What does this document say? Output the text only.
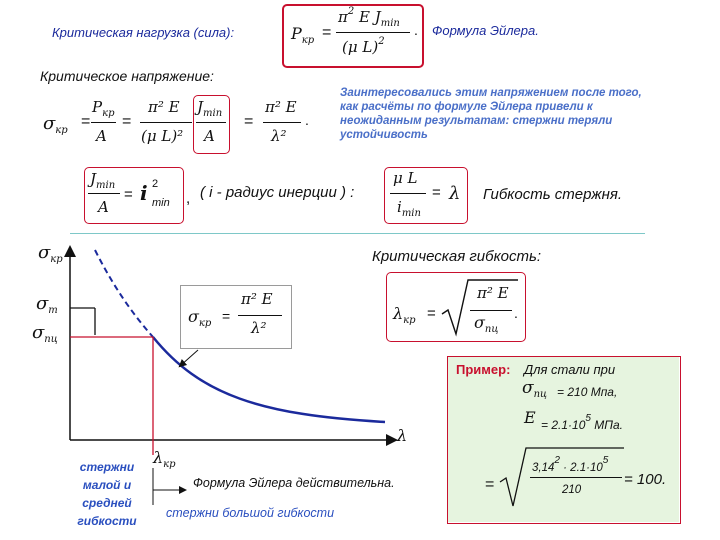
Критическая нагрузка (сила):	$P_{кр}$ =
$\pi^2$ E $J_{min}$
(μ L)$^2$
. Формула Эйлера.
Критическое напряжение:
$\sigma_{кр}$
=
$P_{кр}$
A
=
π² E
(μ L)²
$J_{min}$
A
=
π² E
λ²
.
Заинтересовались этим напряжением после того, как расчёты по формуле Эйлера привели к неожиданным результатам: стержни теряли устойчивость
$J_{min}$
A
= i 2
min , ( i - радиус инерции ) :
μ L
$i_{min}$
= λ Гибкость стержня.
$\sigma_{кр}$
$\sigma_т$
$\sigma_{пц}$
$\sigma_{кр}$ =
π² E
λ²
λ
$\lambda_{кр}$
стержни малой и средней гибкости
Формула Эйлера действительна.
стержни большой гибкости
Критическая гибкость:
$\lambda_{кр}$ =
π² E
$\sigma_{пц}$
.
Пример: Для стали при
$\sigma_{пц} = 210$ Мпа,
$E = 2.1\cdot 10^5$ МПа.
=
3,142 · 2.1·105
210
= 100.
